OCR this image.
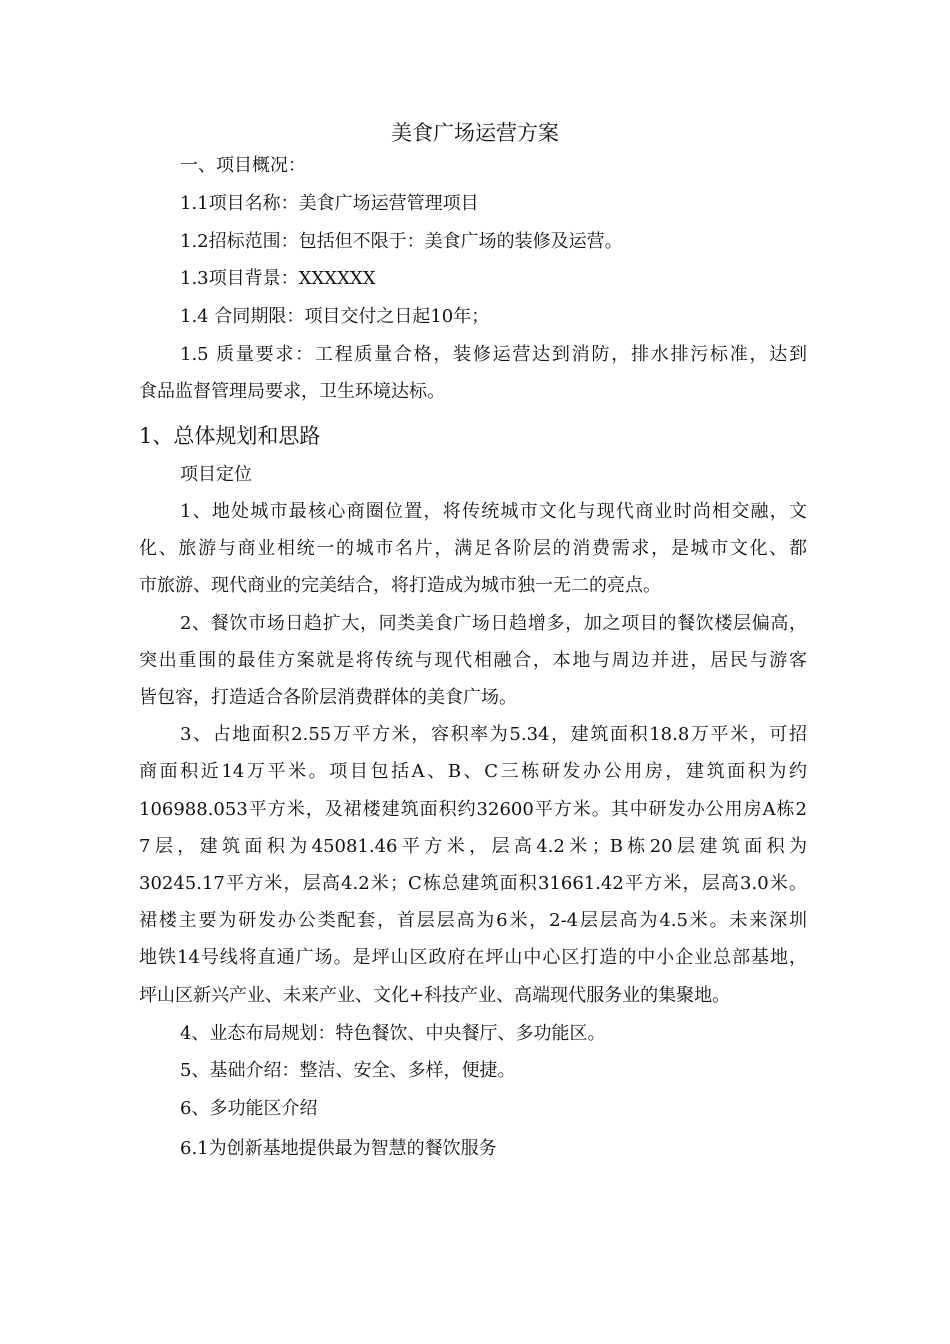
美食广场运营方案
一、项目概况：
1.1项目名称：美食广场运营管理项目
1.2招标范围：包括但不限于：美食广场的装修及运营。
1.3项目背景：XXXXXX
1.4 合同期限：项目交付之日起10年；
1.5 质量要求：工程质量合格，装修运营达到消防，排水排污标准，达到
食品监督管理局要求，卫生环境达标。
1、总体规划和思路
项目定位
1、地处城市最核心商圈位置，将传统城市文化与现代商业时尚相交融，文
化、旅游与商业相统一的城市名片，满足各阶层的消费需求，是城市文化、都
市旅游、现代商业的完美结合，将打造成为城市独一无二的亮点。
2、餐饮市场日趋扩大，同类美食广场日趋增多，加之项目的餐饮楼层偏高，
突出重围的最佳方案就是将传统与现代相融合，本地与周边并进，居民与游客
皆包容，打造适合各阶层消费群体的美食广场。
3、占地面积2.55万平方米，容积率为5.34，建筑面积18.8万平米，可招
商面积近14万平米。项目包括A、B、C三栋研发办公用房，建筑面积为约
106988.053平方米，及裙楼建筑面积约32600平方米。其中研发办公用房A栋2
7层，建筑面积为45081.46平方米，层高4.2米；B栋20层建筑面积为
30245.17平方米，层高4.2米；C栋总建筑面积31661.42平方米，层高3.0米。
裙楼主要为研发办公类配套，首层层高为6米，2-4层层高为4.5米。未来深圳
地铁14号线将直通广场。是坪山区政府在坪山中心区打造的中小企业总部基地，
坪山区新兴产业、未来产业、文化+科技产业、高端现代服务业的集聚地。
4、业态布局规划：特色餐饮、中央餐厅、多功能区。
5、基础介绍：整洁、安全、多样，便捷。
6、多功能区介绍
6.1为创新基地提供最为智慧的餐饮服务
